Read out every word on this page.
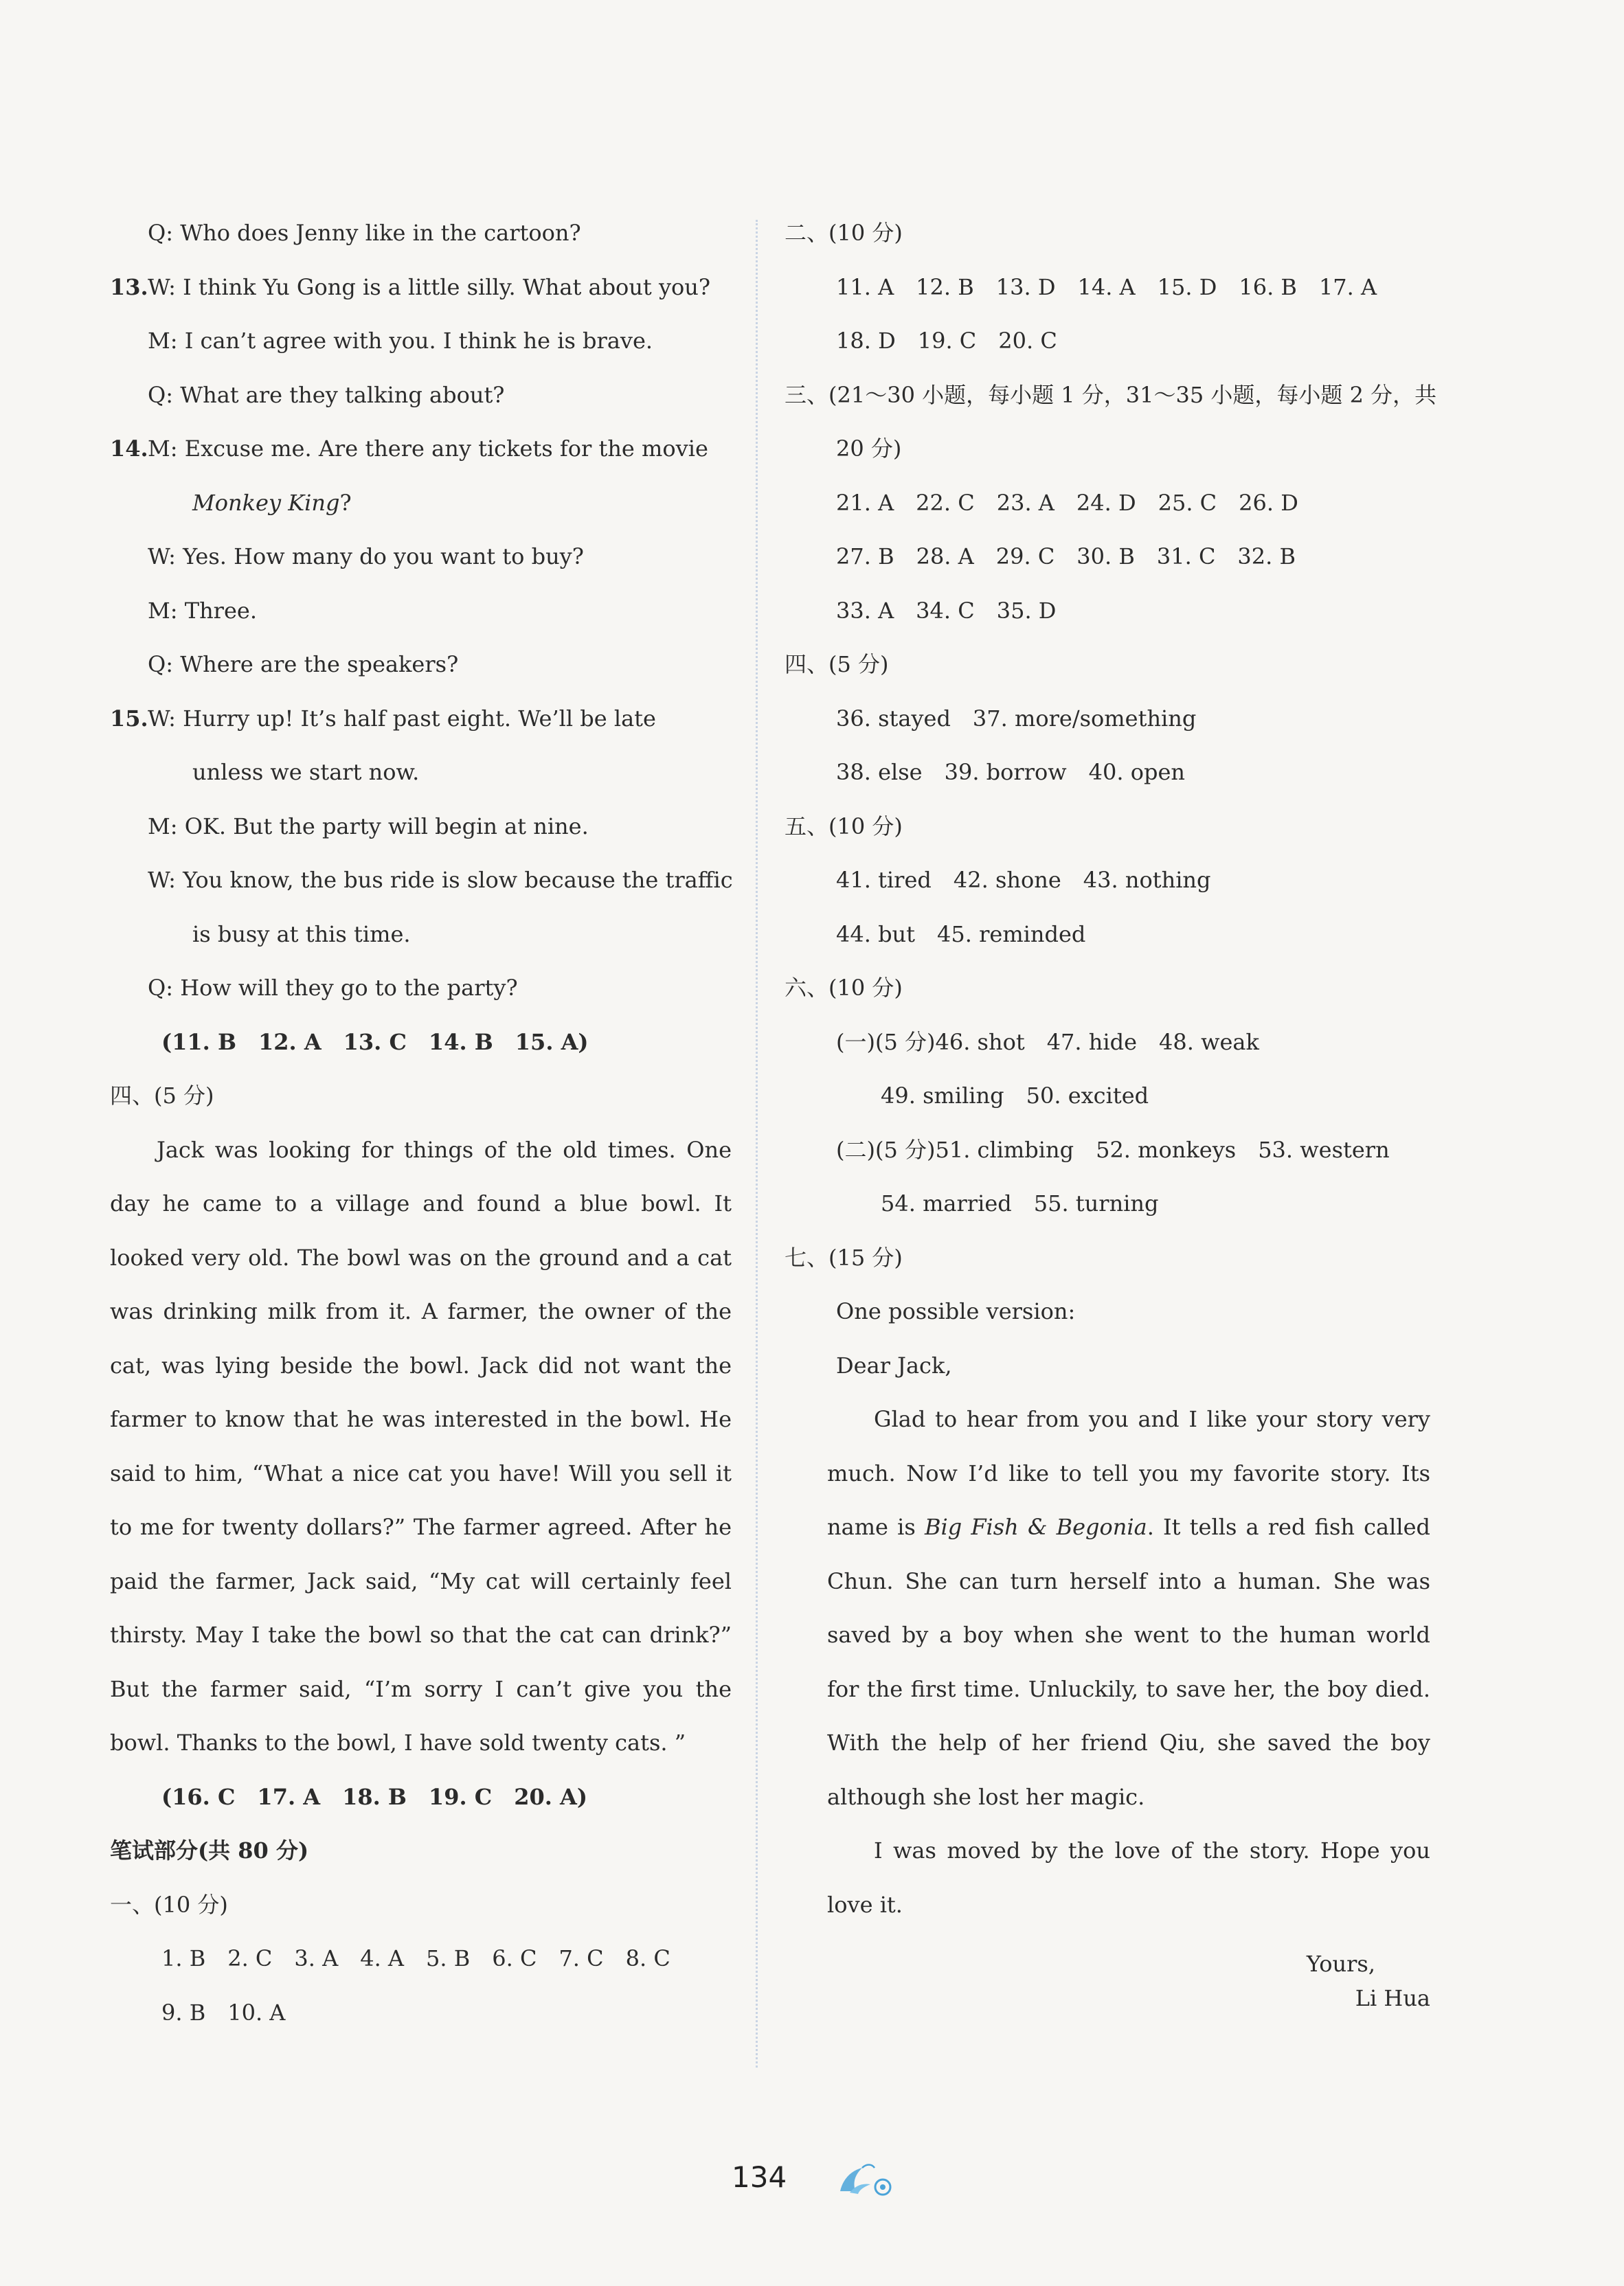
Q: Who does Jenny like in the cartoon?
13.W: I think Yu Gong is a little silly. What about you?
M: I can’t agree with you. I think he is brave.
Q: What are they talking about?
14.M: Excuse me. Are there any tickets for the movie
Monkey King?
W: Yes. How many do you want to buy?
M: Three.
Q: Where are the speakers?
15.W: Hurry up! It’s half past eight. We’ll be late
unless we start now.
M: OK. But the party will begin at nine.
W: You know, the bus ride is slow because the traffic
is busy at this time.
Q: How will they go to the party?
(11. B　12. A　13. C　14. B　15. A)
四、(5 分)

Jack was looking for things of the old times. One day he came to a village and found a blue bowl. It looked very old. The bowl was on the ground and a cat was drinking milk from it. A farmer, the owner of the cat, was lying beside the bowl. Jack did not want the farmer to know that he was interested in the bowl. He said to him, “What a nice cat you have! Will you sell it to me for twenty dollars?” The farmer agreed. After he paid the farmer, Jack said, “My cat will certainly feel thirsty. May I take the bowl so that the cat can drink?” But the farmer said, “I’m sorry I can’t give you the bowl. Thanks to the bowl, I have sold twenty cats. ”

(16. C　17. A　18. B　19. C　20. A)
笔试部分(共 80 分)
一、(10 分)
1. B　2. C　3. A　4. A　5. B　6. C　7. C　8. C
9. B　10. A
二、(10 分)
11. A　12. B　13. D　14. A　15. D　16. B　17. A
18. D　19. C　20. C
三、(21～30 小题，每小题 1 分，31～35 小题，每小题 2 分，共
20 分)
21. A　22. C　23. A　24. D　25. C　26. D
27. B　28. A　29. C　30. B　31. C　32. B
33. A　34. C　35. D
四、(5 分)
36. stayed　37. more/something
38. else　39. borrow　40. open
五、(10 分)
41. tired　42. shone　43. nothing
44. but　45. reminded
六、(10 分)
(一)(5 分)46. shot　47. hide　48. weak
49. smiling　50. excited
(二)(5 分)51. climbing　52. monkeys　53. western
54. married　55. turning
七、(15 分)
One possible version:
Dear Jack,

Glad to hear from you and I like your story very much. Now I’d like to tell you my favorite story. Its name is Big Fish & Begonia. It tells a red fish called Chun. She can turn herself into a human. She was saved by a boy when she went to the human world for the first time. Unluckily, to save her, the boy died. With the help of her friend Qiu, she saved the boy although she lost her magic.

I was moved by the love of the story. Hope you love it.

Yours,
Li Hua
134
